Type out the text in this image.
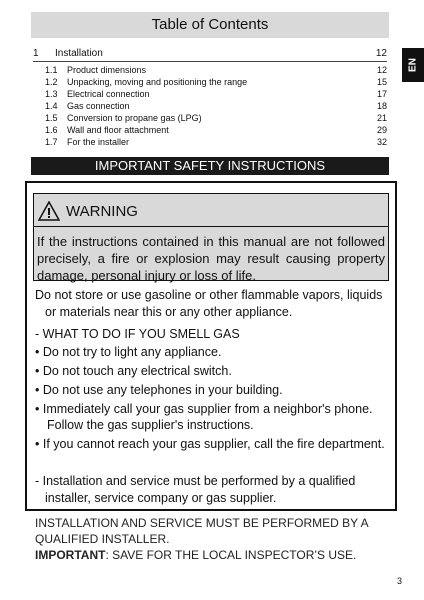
Table of Contents
EN
1 Installation	12
1.1 Product dimensions	12
1.2 Unpacking, moving and positioning the range	15
1.3 Electrical connection	17
1.4 Gas connection	18
1.5 Conversion to propane gas (LPG)	21
1.6 Wall and floor attachment	29
1.7 For the installer	32
IMPORTANT SAFETY INSTRUCTIONS
WARNING
If the instructions contained in this manual are not followed precisely, a fire or explosion may result causing property damage, personal injury or loss of life.
Do not store or use gasoline or other flammable vapors, liquids
or materials near this or any other appliance.
- WHAT TO DO IF YOU SMELL GAS
• Do not try to light any appliance.
• Do not touch any electrical switch.
• Do not use any telephones in your building.
• Immediately call your gas supplier from a neighbor's phone. Follow the gas supplier's instructions.
• If you cannot reach your gas supplier, call the fire department.
- Installation and service must be performed by a qualified
installer, service company or gas supplier.
INSTALLATION AND SERVICE MUST BE PERFORMED BY A QUALIFIED INSTALLER.
IMPORTANT: SAVE FOR THE LOCAL INSPECTOR’S USE.
3
